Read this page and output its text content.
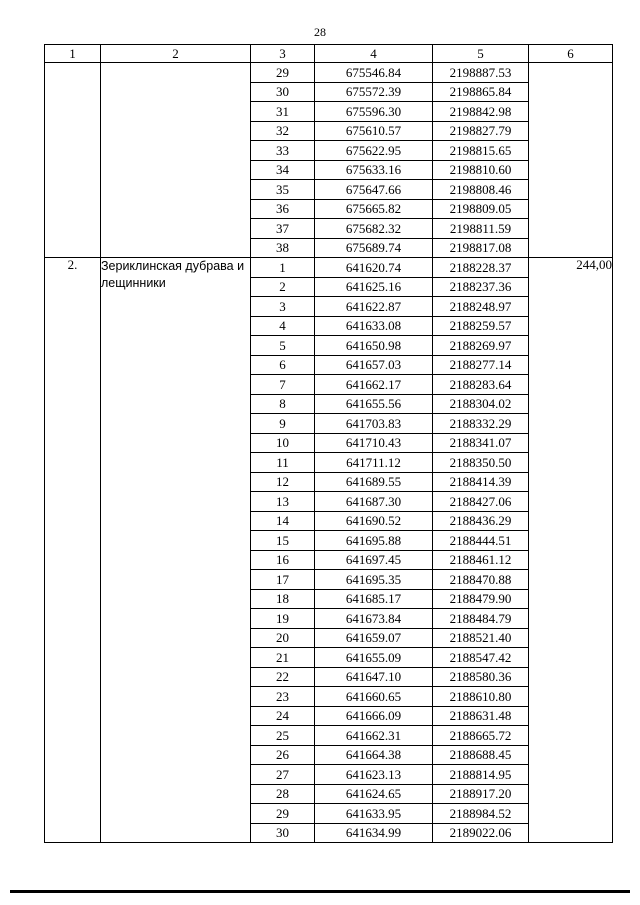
28
1	2	3	4	5	6
		29	675546.84	2198887.53	
		30	675572.39	2198865.84	
		31	675596.30	2198842.98	
		32	675610.57	2198827.79	
		33	675622.95	2198815.65	
		34	675633.16	2198810.60	
		35	675647.66	2198808.46	
		36	675665.82	2198809.05	
		37	675682.32	2198811.59	
		38	675689.74	2198817.08	
2.	Зериклинская дубрава и лещинники	1	641620.74	2188228.37	244,00
		2	641625.16	2188237.36	
		3	641622.87	2188248.97	
		4	641633.08	2188259.57	
		5	641650.98	2188269.97	
		6	641657.03	2188277.14	
		7	641662.17	2188283.64	
		8	641655.56	2188304.02	
		9	641703.83	2188332.29	
		10	641710.43	2188341.07	
		11	641711.12	2188350.50	
		12	641689.55	2188414.39	
		13	641687.30	2188427.06	
		14	641690.52	2188436.29	
		15	641695.88	2188444.51	
		16	641697.45	2188461.12	
		17	641695.35	2188470.88	
		18	641685.17	2188479.90	
		19	641673.84	2188484.79	
		20	641659.07	2188521.40	
		21	641655.09	2188547.42	
		22	641647.10	2188580.36	
		23	641660.65	2188610.80	
		24	641666.09	2188631.48	
		25	641662.31	2188665.72	
		26	641664.38	2188688.45	
		27	641623.13	2188814.95	
		28	641624.65	2188917.20	
		29	641633.95	2188984.52	
		30	641634.99	2189022.06	
